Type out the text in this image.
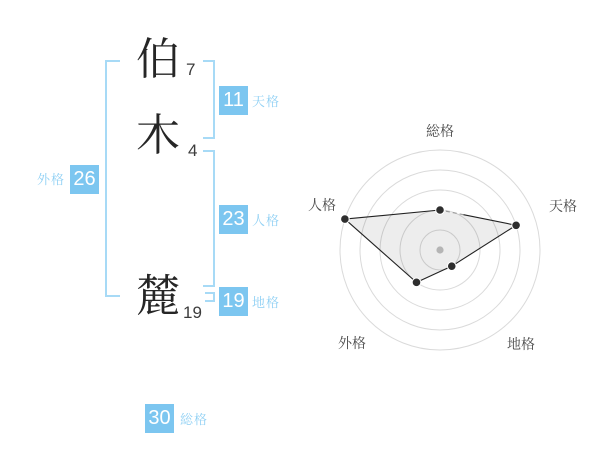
伯 7
木 4
麓 19
11 天格
23 人格
19 地格
外格 26
30 総格
総格
天格
地格
外格
人格
